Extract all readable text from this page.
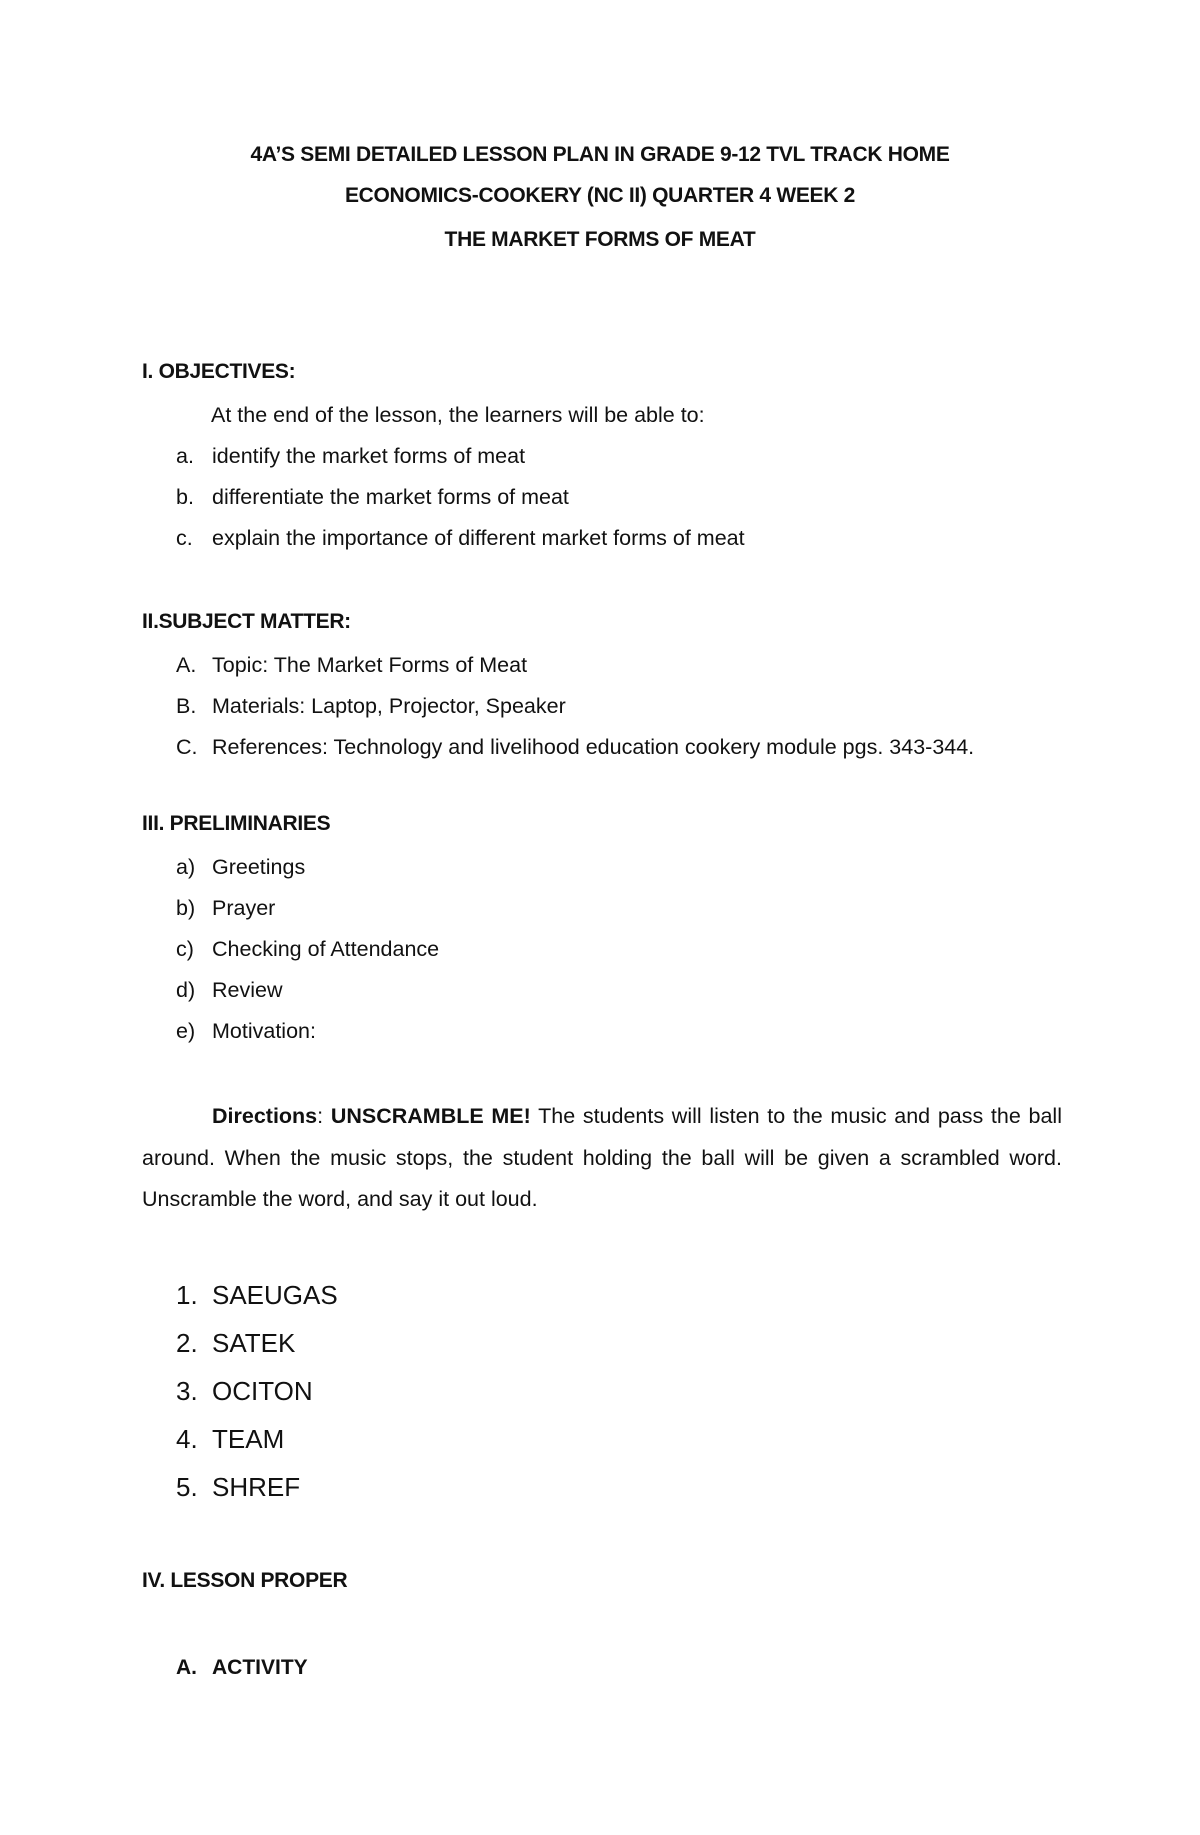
4A’S SEMI DETAILED LESSON PLAN IN GRADE 9-12 TVL TRACK HOME
ECONOMICS-COOKERY (NC II) QUARTER 4 WEEK 2
THE MARKET FORMS OF MEAT
I. OBJECTIVES:
At the end of the lesson, the learners will be able to:
a. identify the market forms of meat
b. differentiate the market forms of meat
c. explain the importance of different market forms of meat
II.SUBJECT MATTER:
A. Topic: The Market Forms of Meat
B. Materials: Laptop, Projector, Speaker
C. References: Technology and livelihood education cookery module pgs. 343-344.
III. PRELIMINARIES
a) Greetings
b) Prayer
c) Checking of Attendance
d) Review
e) Motivation:

Directions: UNSCRAMBLE ME! The students will listen to the music and pass the ball around. When the music stops, the student holding the ball will be given a scrambled word. Unscramble the word, and say it out loud.

1. SAEUGAS
2. SATEK
3. OCITON
4. TEAM
5. SHREF
IV. LESSON PROPER
A. ACTIVITY
